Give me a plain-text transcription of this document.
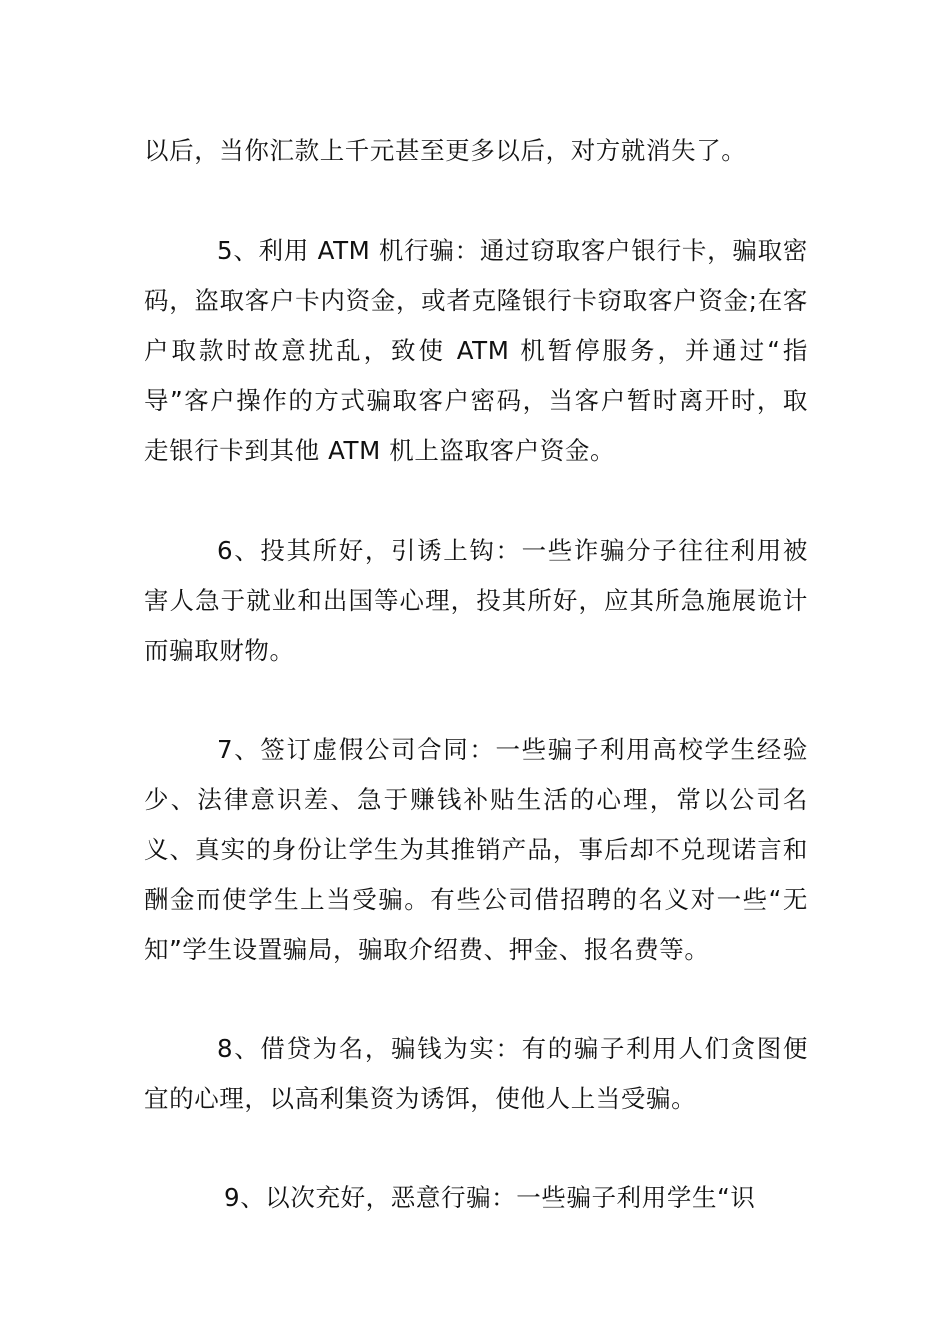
以后，当你汇款上千元甚至更多以后，对方就消失了。

5、利用 ATM 机行骗：通过窃取客户银行卡，骗取密码，盗取客户卡内资金，或者克隆银行卡窃取客户资金;在客户取款时故意扰乱，致使 ATM 机暂停服务，并通过“指导”客户操作的方式骗取客户密码，当客户暂时离开时，取走银行卡到其他 ATM 机上盗取客户资金。

6、投其所好，引诱上钩：一些诈骗分子往往利用被害人急于就业和出国等心理，投其所好，应其所急施展诡计而骗取财物。

7、签订虚假公司合同：一些骗子利用高校学生经验少、法律意识差、急于赚钱补贴生活的心理，常以公司名义、真实的身份让学生为其推销产品，事后却不兑现诺言和酬金而使学生上当受骗。有些公司借招聘的名义对一些“无知”学生设置骗局，骗取介绍费、押金、报名费等。

8、借贷为名，骗钱为实：有的骗子利用人们贪图便宜的心理，以高利集资为诱饵，使他人上当受骗。

9、以次充好，恶意行骗：一些骗子利用学生“识
